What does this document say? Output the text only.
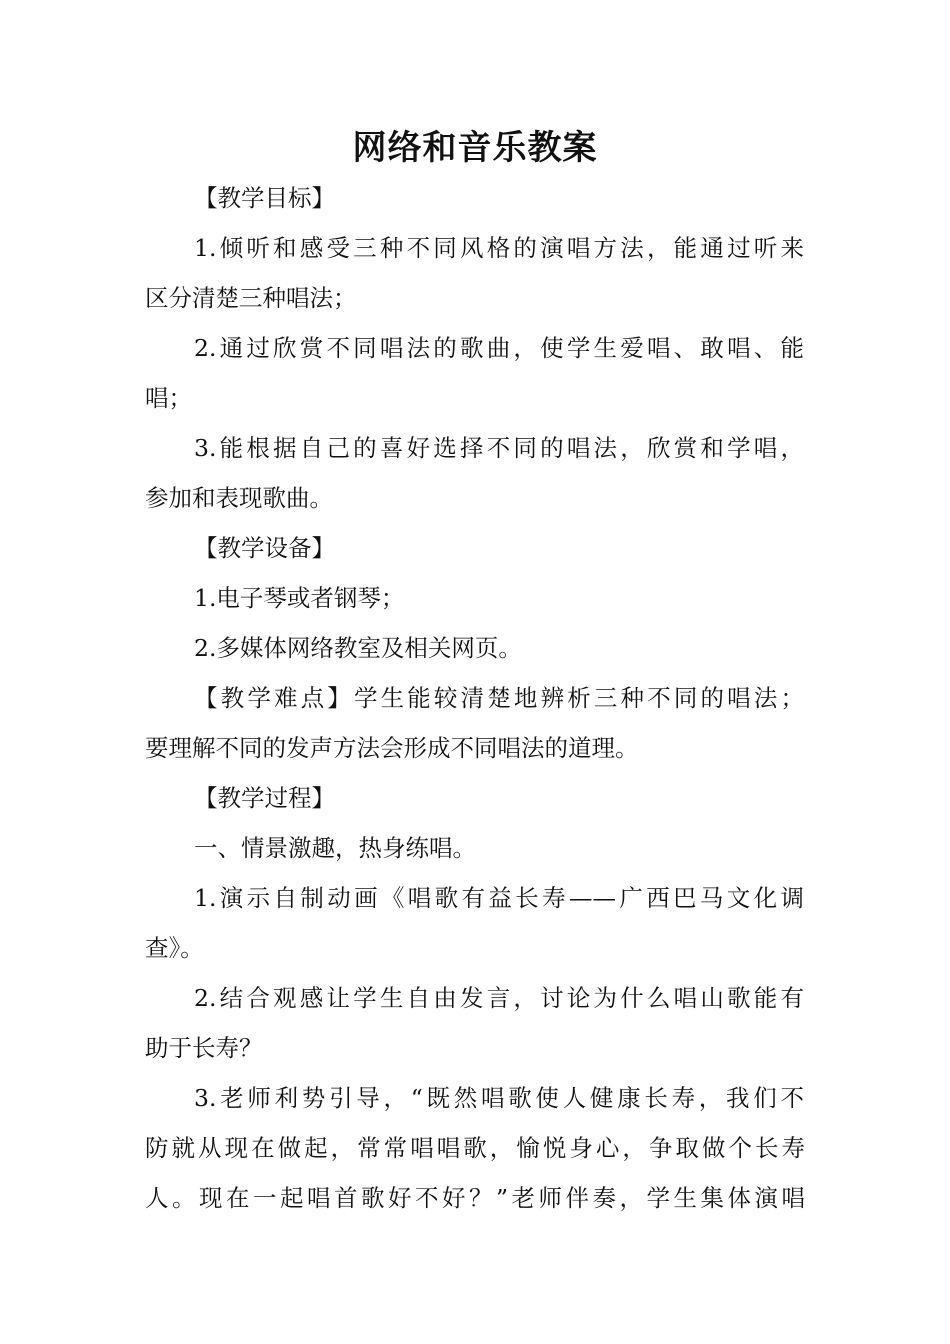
网络和音乐教案

【教学目标】

1.倾听和感受三种不同风格的演唱方法，能通过听来

区分清楚三种唱法；

2.通过欣赏不同唱法的歌曲，使学生爱唱、敢唱、能

唱；

3.能根据自己的喜好选择不同的唱法，欣赏和学唱，

参加和表现歌曲。

【教学设备】

1.电子琴或者钢琴；

2.多媒体网络教室及相关网页。

【教学难点】学生能较清楚地辨析三种不同的唱法；

要理解不同的发声方法会形成不同唱法的道理。

【教学过程】

一、情景激趣，热身练唱。

1.演示自制动画《唱歌有益长寿——广西巴马文化调

查》。

2.结合观感让学生自由发言，讨论为什么唱山歌能有

助于长寿？

3.老师利势引导，“既然唱歌使人健康长寿，我们不

防就从现在做起，常常唱唱歌，愉悦身心，争取做个长寿

人。现在一起唱首歌好不好？”老师伴奏，学生集体演唱
